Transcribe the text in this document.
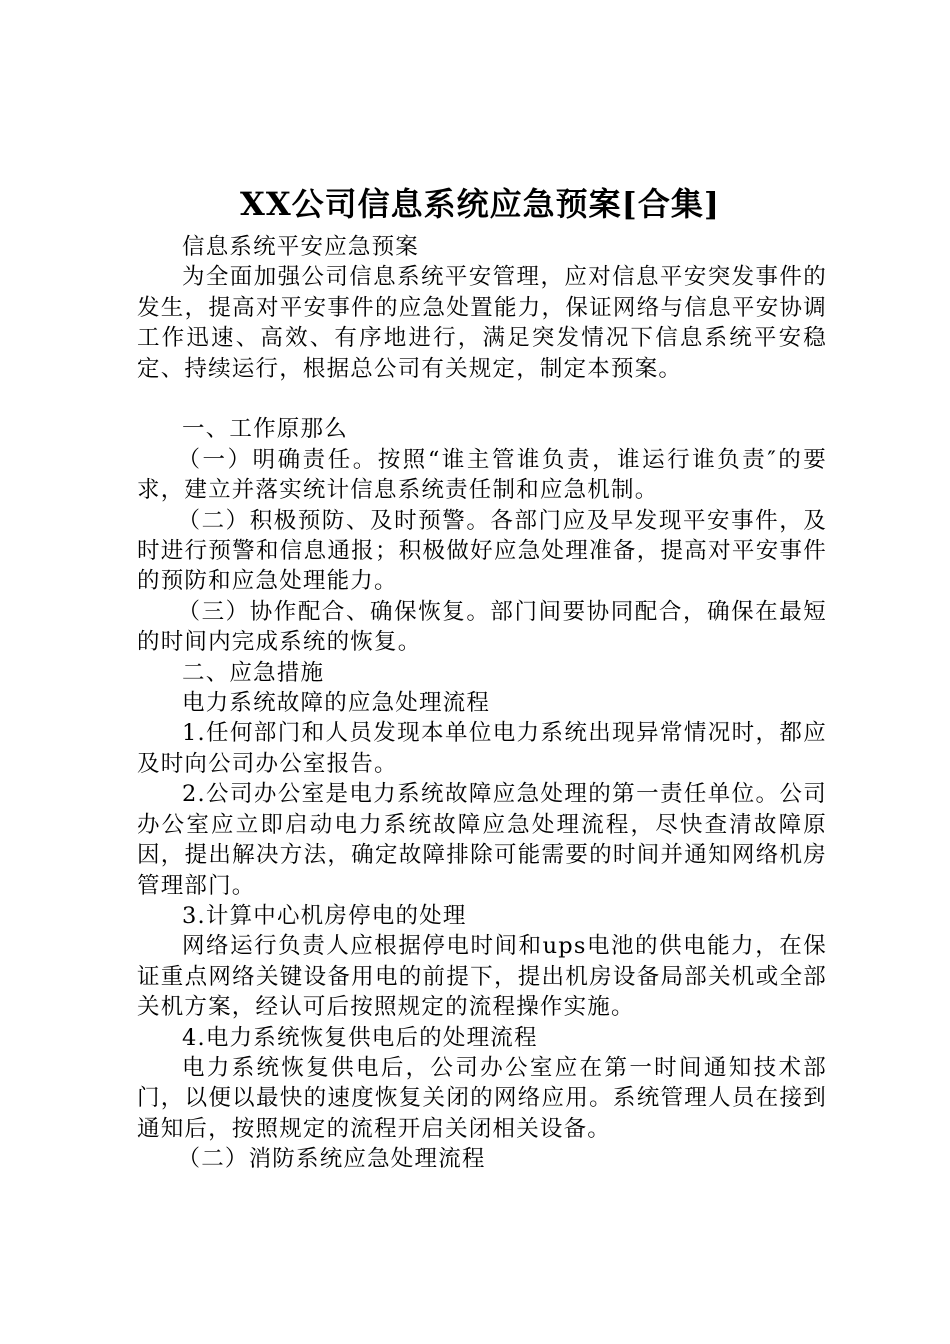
XX公司信息系统应急预案[合集]

信息系统平安应急预案

为全面加强公司信息系统平安管理，应对信息平安突发事件的发生，提高对平安事件的应急处置能力，保证网络与信息平安协调工作迅速、高效、有序地进行，满足突发情况下信息系统平安稳定、持续运行，根据总公司有关规定，制定本预案。

一、工作原那么

（一）明确责任。按照“谁主管谁负责，谁运行谁负责″的要求，建立并落实统计信息系统责任制和应急机制。

（二）积极预防、及时预警。各部门应及早发现平安事件，及时进行预警和信息通报；积极做好应急处理准备，提高对平安事件的预防和应急处理能力。

（三）协作配合、确保恢复。部门间要协同配合，确保在最短的时间内完成系统的恢复。

二、应急措施

电力系统故障的应急处理流程

1.任何部门和人员发现本单位电力系统出现异常情况时，都应及时向公司办公室报告。

2.公司办公室是电力系统故障应急处理的第一责任单位。公司办公室应立即启动电力系统故障应急处理流程，尽快查清故障原因，提出解决方法，确定故障排除可能需要的时间并通知网络机房管理部门。

3.计算中心机房停电的处理

网络运行负责人应根据停电时间和ups电池的供电能力，在保证重点网络关键设备用电的前提下，提出机房设备局部关机或全部关机方案，经认可后按照规定的流程操作实施。

4.电力系统恢复供电后的处理流程

电力系统恢复供电后，公司办公室应在第一时间通知技术部门，以便以最快的速度恢复关闭的网络应用。系统管理人员在接到通知后，按照规定的流程开启关闭相关设备。

（二）消防系统应急处理流程
